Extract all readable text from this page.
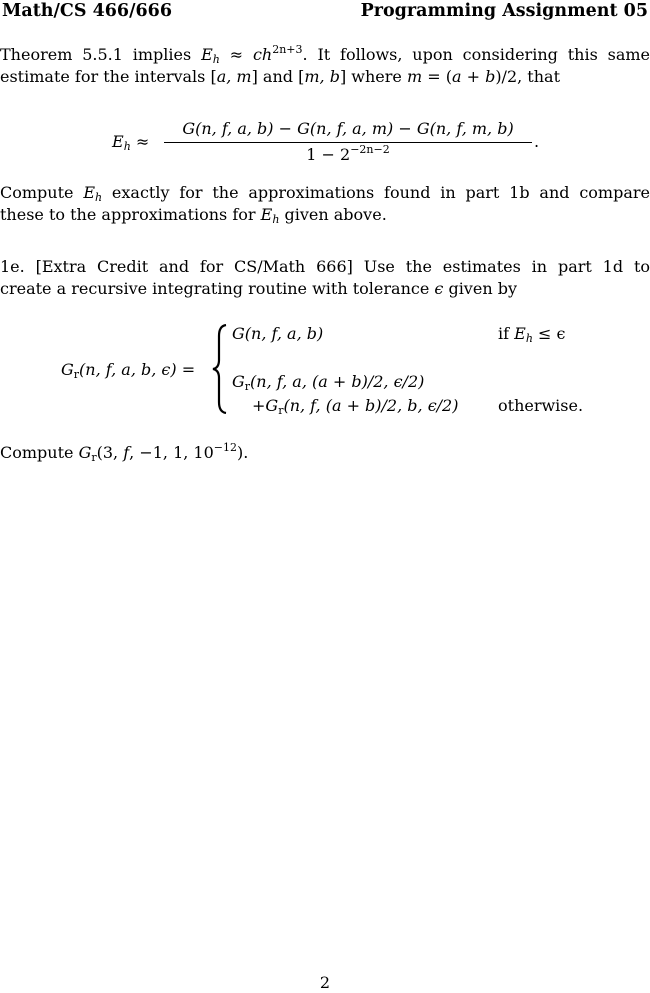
Math/CS 466/666	Programming Assignment 05
Theorem 5.5.1 implies $E_h \approx ch^{2n+3}$. It follows, upon considering this same
estimate for the intervals [a, m] and [m, b] where m = (a + b)/2, that
$E_h$ ≈
G(n, f, a, b) − G(n, f, a, m) − G(n, f, m, b)
$1 - 2^{-2n-2}$	.
Compute $E_h$ exactly for the approximations found in part 1b and compare
these to the approximations for $E_h$ given above.
1e. [Extra Credit and for CS/Math 666] Use the estimates in part 1d to
create a recursive integrating routine with tolerance ϵ given by
$G_r(n$, f, a, b, ϵ) =
G(n, f, a, b)	if $E_h \le \epsilon$
$G_r(n$, f, a, (a + b)/2, ϵ/2)
$+G_r(n$, f, (a + b)/2, b, ϵ/2) otherwise.
Compute $G_r(3$, f, −1, 1, $10^{-12}$).
2
